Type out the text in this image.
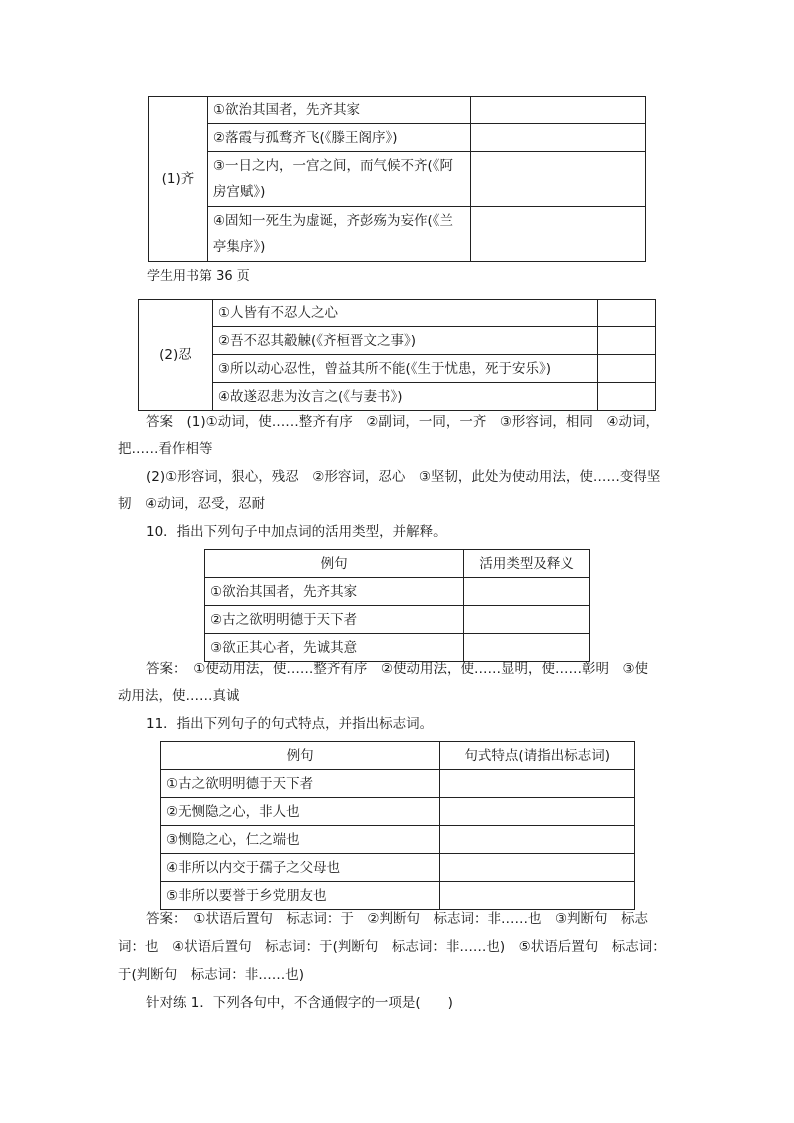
(1)齐	①欲治其国者，先齐其家	
	②落霞与孤鹜齐飞(《滕王阁序》)	
	③一日之内，一宫之间，而气候不齐(《阿
房宫赋》)	
	④固知一死生为虚诞，齐彭殇为妄作(《兰
亭集序》)	
学生用书第 36 页
(2)忍	①人皆有不忍人之心	
	②吾不忍其觳觫(《齐桓晋文之事》)	
	③所以动心忍性，曾益其所不能(《生于忧患，死于安乐》)	
	④故遂忍悲为汝言之(《与妻书》)	
答案　(1)①动词，使……整齐有序　②副词，一同，一齐　③形容词，相同　④动词，
把……看作相等
(2)①形容词，狠心，残忍　②形容词，忍心　③坚韧，此处为使动用法，使……变得坚
韧　④动词，忍受，忍耐
10．指出下列句子中加点词的活用类型，并解释。
例句	活用类型及释义
①欲治其国者，先齐其家	
②古之欲明明德于天下者	
③欲正其心者，先诚其意	
答案：　①使动用法，使……整齐有序　②使动用法，使……显明，使……彰明　③使
动用法，使……真诚
11．指出下列句子的句式特点，并指出标志词。
例句	句式特点(请指出标志词)
①古之欲明明德于天下者	
②无恻隐之心，非人也	
③恻隐之心，仁之端也	
④非所以内交于孺子之父母也	
⑤非所以要誉于乡党朋友也	
答案：　①状语后置句　标志词：于　②判断句　标志词：非……也　③判断句　标志
词：也　④状语后置句　标志词：于(判断句　标志词：非……也)　⑤状语后置句　标志词：
于(判断句　标志词：非……也)
针对练 1．下列各句中，不含通假字的一项是(　　)
